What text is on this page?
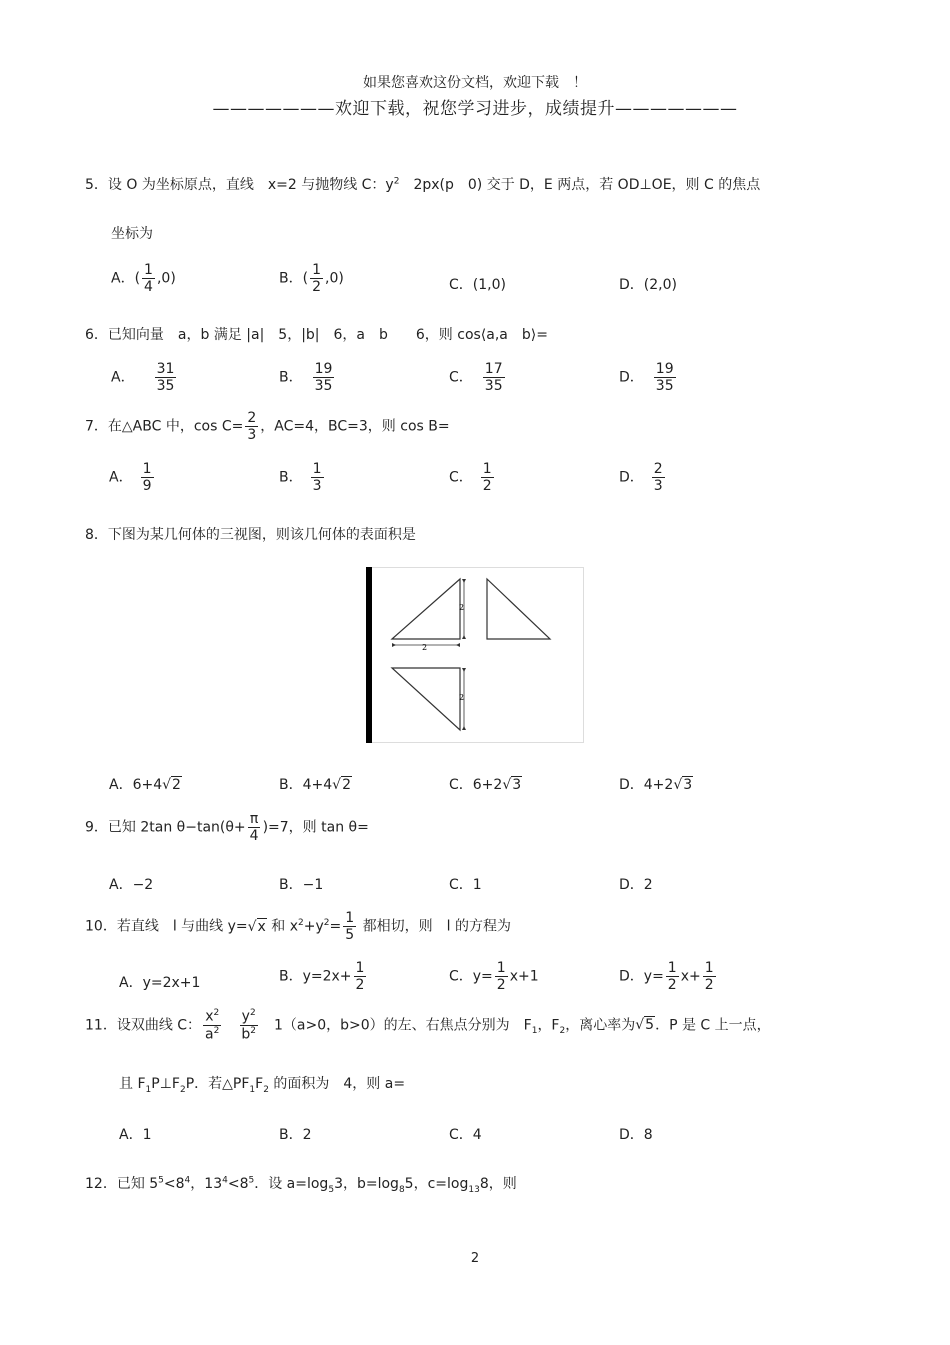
如果您喜欢这份文档，欢迎下载　！
———————欢迎下载，祝您学习进步，成绩提升———————
5．设 O 为坐标原点，直线　x=2 与抛物线 C：$y^2$　2px(p　0) 交于 D，E 两点，若 OD⊥OE，则 C 的焦点
坐标为
A．( $\frac{1}{4} ,0$)	B．( $\frac{1}{2} ,0$)	C．(1,0)	D．(2,0)
6．已知向量　a，b 满足 |a|　5，|b|　6，a　b　　6，则 cos⟨a,a　b⟩=
A． $\frac{31}{35}$	B． $\frac{19}{35}$	C． $\frac{17}{35}$	D． $\frac{19}{35}$
7．在△ABC 中，$\cos C= \frac{2}{3}$ ，AC=4，BC=3，则 cos B=
A． $\frac{1}{9}$	B． $\frac{1}{3}$	C． $\frac{1}{2}$	D． $\frac{2}{3}$
8．下图为某几何体的三视图，则该几何体的表面积是
2
2
2
A．6+4√2	B．4+4√2	C．6+2√3	D．4+2√3
9．已知 2tan $\theta-\tan(\theta+ \frac{\pi}{4} )=7$，则 tan θ=
A．−2	B．−1	C．1	D．2
10．若直线　l 与曲线 y=√x 和 $x^2+y^2= \frac{1}{5}$ 都相切，则　l 的方程为
A．y=2x+1	B．$y=2x+ \frac{1}{2}$	C．$y= \frac{1}{2} x+1$	D．$y= \frac{1}{2} x+ \frac{1}{2}$
11．设双曲线 C： $\frac{x^2}{a^2}$
　 $\frac{y^2}{b^2}$ 　1（a>0，b>0）的左、右焦点分别为　$F_1$，$F_2$，离心率为√5．P 是 C 上一点，
且 $F_1P\perp F_2P$．若$\triangle PF_1F_2$ 的面积为　4，则 a=
A．1	B．2	C．4	D．8
12．已知 $5^5<8^4$，$13^4<8^5$．设 $a=\log_53$，$b=\log_85$，$c=\log_{13}8$，则
2
